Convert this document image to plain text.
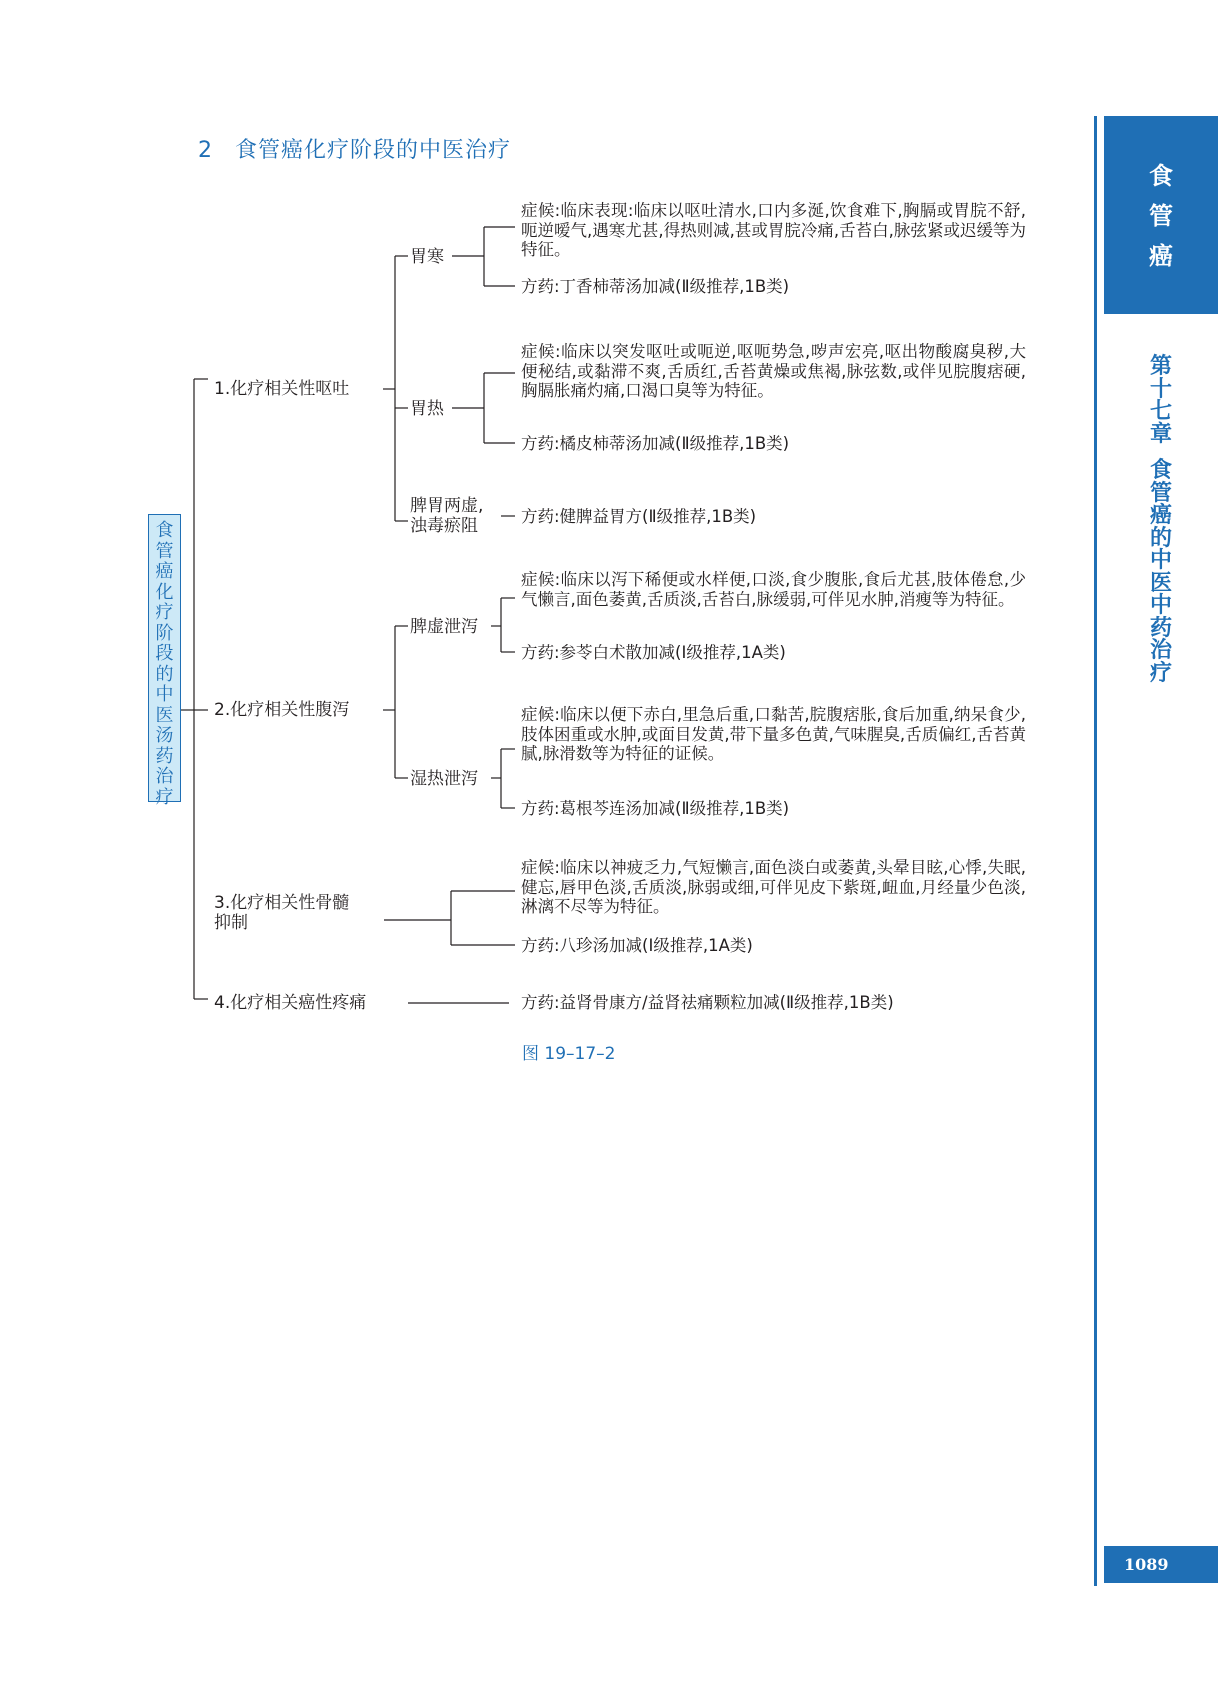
2 食管癌化疗阶段的中医治疗
食
管
癌
化
疗
阶
段
的
中
医
汤
药
治
疗
1.化疗相关性呕吐
胃寒
症候:临床表现:临床以呕吐清水,口内多涎,饮食难下,胸膈或胃脘不舒,呃逆嗳气,遇寒尤甚,得热则减,甚或胃脘冷痛,舌苔白,脉弦紧或迟缓等为特征。
方药:丁香柿蒂汤加减(Ⅱ级推荐,1B类)
胃热
症候:临床以突发呕吐或呃逆,呕呃势急,哕声宏亮,呕出物酸腐臭秽,大便秘结,或黏滞不爽,舌质红,舌苔黄燥或焦褐,脉弦数,或伴见脘腹痞硬,胸膈胀痛灼痛,口渴口臭等为特征。
方药:橘皮柿蒂汤加减(Ⅱ级推荐,1B类)
脾胃两虚,
浊毒瘀阻	方药:健脾益胃方(Ⅱ级推荐,1B类)
2.化疗相关性腹泻
脾虚泄泻
症候:临床以泻下稀便或水样便,口淡,食少腹胀,食后尤甚,肢体倦怠,少气懒言,面色萎黄,舌质淡,舌苔白,脉缓弱,可伴见水肿,消瘦等为特征。
方药:参苓白术散加减(Ⅰ级推荐,1A类)
湿热泄泻
症候:临床以便下赤白,里急后重,口黏苦,脘腹痞胀,食后加重,纳呆食少,肢体困重或水肿,或面目发黄,带下量多色黄,气味腥臭,舌质偏红,舌苔黄腻,脉滑数等为特征的证候。
方药:葛根芩连汤加减(Ⅱ级推荐,1B类)
3.化疗相关性骨髓
抑制
症候:临床以神疲乏力,气短懒言,面色淡白或萎黄,头晕目眩,心悸,失眠,健忘,唇甲色淡,舌质淡,脉弱或细,可伴见皮下紫斑,衄血,月经量少色淡,淋漓不尽等为特征。
方药:八珍汤加减(Ⅰ级推荐,1A类)
4.化疗相关癌性疼痛	方药:益肾骨康方/益肾祛痛颗粒加减(Ⅱ级推荐,1B类)
图 19–17–2
食
管
癌
第
十
七
章

食
管
癌
的
中
医
中
药
治
疗
1089
